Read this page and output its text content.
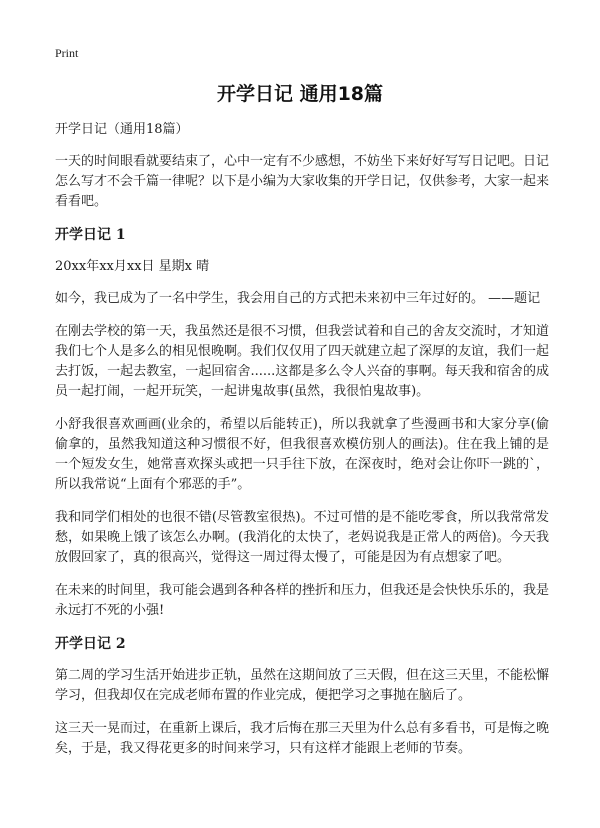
Print
开学日记 通用18篇

开学日记（通用18篇）

一天的时间眼看就要结束了，心中一定有不少感想，不妨坐下来好好写写日记吧。日记怎么写才不会千篇一律呢？以下是小编为大家收集的开学日记，仅供参考，大家一起来看看吧。

开学日记 1

20xx年xx月xx日 星期x 晴

如今，我已成为了一名中学生，我会用自己的方式把未来初中三年过好的。 ——题记

在刚去学校的第一天，我虽然还是很不习惯，但我尝试着和自己的舍友交流时，才知道我们七个人是多么的相见恨晚啊。我们仅仅用了四天就建立起了深厚的友谊，我们一起去打饭，一起去教室，一起回宿舍......这都是多么令人兴奋的事啊。每天我和宿舍的成员一起打闹，一起开玩笑，一起讲鬼故事(虽然，我很怕鬼故事)。

小舒我很喜欢画画(业余的，希望以后能转正)，所以我就拿了些漫画书和大家分享(偷偷拿的，虽然我知道这种习惯很不好，但我很喜欢模仿别人的画法)。住在我上铺的是一个短发女生，她常喜欢探头或把一只手往下放，在深夜时，绝对会让你吓一跳的`，所以我常说“上面有个邪恶的手”。

我和同学们相处的也很不错(尽管教室很热)。不过可惜的是不能吃零食，所以我常常发愁，如果晚上饿了该怎么办啊。(我消化的太快了，老妈说我是正常人的两倍)。今天我放假回家了，真的很高兴，觉得这一周过得太慢了，可能是因为有点想家了吧。

在未来的时间里，我可能会遇到各种各样的挫折和压力，但我还是会快快乐乐的，我是永远打不死的小强!

开学日记 2

第二周的学习生活开始进步正轨，虽然在这期间放了三天假，但在这三天里，不能松懈学习，但我却仅在完成老师布置的作业完成，便把学习之事抛在脑后了。

这三天一晃而过，在重新上课后，我才后悔在那三天里为什么总有多看书，可是悔之晚矣，于是，我又得花更多的时间来学习，只有这样才能跟上老师的节奏。
